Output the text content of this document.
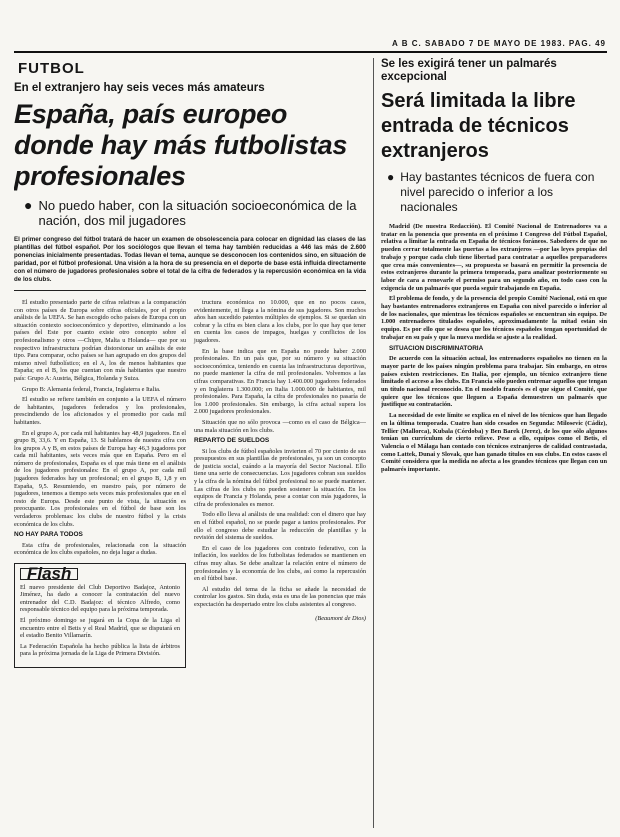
A B C. SABADO 7 DE MAYO DE 1983. PAG. 49
FUTBOL
En el extranjero hay seis veces más amateurs
España, país europeo donde hay más futbolistas profesionales
● No puedo haber, con la situación socioeconómica de la nación, dos mil jugadores
El primer congreso del fútbol tratará de hacer un examen de obsolescencia para colocar en dignidad las clases de las plantillas del fútbol español. Por los sociólogos que llevan el tema hay también reducidas a 446 las más de 2.600 ponencias inicialmente presentadas. Todas llevan el tema, aunque se desconocen los contenidos sino, en situación de paridad, por el fútbol profesional. Una visión a la hora de su presencia en el deporte de base está influida directamente con el número de jugadores profesionales sobre el total de la cifra de federados y la repercusión económica en la vida de los clubs.

El estudio presentado parte de cifras relativas a la comparación con otros países de Europa sobre cifras oficiales, por el propio análisis de la UEFA. Se han escogido ocho países de Europa con un situación contexto socioeconómico y deportivo, eliminando a los países del Este por cuanto existe otro concepto sobre el profesionalismo y otros —Chipre, Malta u Holanda— que por su respectivo infraestructura podrían distorsionar un análisis de este tipo. Para comparar, ocho países se han agrupado en dos grupos del mismo nivel futbolístico; en el A, los de menos habitantes que España; en el B, los que cuentan con más habitantes que nuestro país: Grupo A: Austria, Bélgica, Holanda y Suiza.

Grupo B: Alemania federal, Francia, Inglaterra e Italia.

El estudio se refiere también en conjunto a la UEFA el número de habitantes, jugadores federados y los profesionales, prescindiendo de los aficionados y el promedio por cada mil habitantes.

En el grupo A, por cada mil habitantes hay 48,9 jugadores. En el grupo B, 33,6. Y en España, 13. Si hablamos de nuestra cifra con los grupos A y B, en estos países de Europa hay 46,3 jugadores por cada mil habitantes, seis veces más que en España. Pero en el número de profesionales, España es el que más tiene en el análisis de los jugadores profesionales: En el grupo A, por cada mil jugadores federados hay un profesional; en el grupo B, 1,8 y en España, 9,5. Resumiendo, en nuestro país, por número de jugadores, tenemos a tiempo seis veces más profesionales que en el resto de Europa. Desde este punto de vista, la situación es preocupante. Los profesionales en el fútbol de base son los verdaderos problemas: los clubs de nuestro fútbol y la crisis económica de los clubs.

NO HAY PARA TODOS

Esta cifra de profesionales, relacionada con la situación económica de los clubs españoles, no deja lugar a dudas.

Flash

El nuevo presidente del Club Deportivo Badajoz, Antonio Jiménez, ha dado a conocer la contratación del nuevo entrenador del C.D. Badajoz: el técnico Alfredo, como responsable técnico del equipo para la próxima temporada.

El próximo domingo se jugará en la Copa de la Liga el encuentro entre el Betis y el Real Madrid, que se disputará en el estadio Benito Villamarín.

La Federación Española ha hecho pública la lista de árbitros para la próxima jornada de la Liga de Primera División.

tructura económica no 10.000, que en no pocos casos, evidentemente, ni llega a la nómina de sus jugadores. Son muchos años han sucedido patentes múltiples de ejemplos. Si se quedan sin cobrar y la cifra es bien clara a los clubs, por lo que hay que tener en cuenta los casos de impagos, huelgas y conflictos de los jugadores.

En la base indica que en España no puede haber 2.000 profesionales. En un país que, por su número y su situación socioeconómica, teniendo en cuenta las infraestructuras deportivas, no puede mantener la cifra de mil profesionales. Volvemos a las cifras comparativas. En Francia hay 1.400.000 jugadores federados y en Inglaterra 1.300.000; en Italia 1.000.000 de habitantes, mil profesionales. Para España, la cifra de profesionales no pasaría de los 1.000 profesionales. Sin embargo, la cifra actual supera los 2.000 jugadores profesionales.

Situación que no sólo provoca —como es el caso de Bélgica— una mala situación en los clubs.

REPARTO DE SUELDOS

Si los clubs de fútbol españoles invierten el 70 por ciento de sus presupuestos en sus plantillas de profesionales, ya son un concepto de justicia social, cuándo a la mayoría del Sector Nacional. Ello tiene una serie de consecuencias. Los jugadores cobran sus sueldos y la cifra de la nómina del fútbol profesional no se puede mantener. Las cifras de los clubs no pueden sostener la situación. En los equipos de Francia y Holanda, pese a contar con más jugadores, la cifra de profesionales es menor.

Todo ello lleva al análisis de una realidad: con el dinero que hay en el fútbol español, no se puede pagar a tantos profesionales. Por ello el congreso debe estudiar la reducción de plantillas y la revisión del sistema de sueldos.

En el caso de los jugadores con contrato federativo, con la inflación, los sueldos de los futbolistas federados se mantienen en cifras muy altas. Se debe analizar la relación entre el número de profesionales y la economía de los clubs, así como la repercusión en el fútbol base.

Al estudio del tema de la ficha se añade la necesidad de controlar los gastos. Sin duda, esta es una de las ponencias que más expectación ha despertado entre los clubs asistentes al congreso.

(Beaumont de Dios)

Se les exigirá tener un palmarés excepcional
Será limitada la libre entrada de técnicos extranjeros
● Hay bastantes técnicos de fuera con nivel parecido o inferior a los nacionales

Madrid (De nuestra Redacción). El Comité Nacional de Entrenadores va a tratar en la ponencia que presenta en el próximo I Congreso del Fútbol Español, relativa a limitar la entrada en España de técnicos foráneos. Sabedores de que no pueden cerrar totalmente las puertas a los extranjeros —por las leyes propias del trabajo y porque cada club tiene libertad para contratar a aquellos preparadores que crea más convenientes—, su propuesta se basará en permitir la presencia de estos extranjeros durante la primera temporada, para analizar posteriormente su labor de cara a renovarle el permiso para un segundo año, en todo caso con la exigencia de un palmarés que pueda seguir trabajando en España.

El problema de fondo, y de la presencia del propio Comité Nacional, está en que hay bastantes entrenadores extranjeros en España con nivel parecido o inferior al de los nacionales, que mientras los técnicos españoles se encuentran sin equipo. De 1.000 entrenadores titulados españoles, aproximadamente la mitad están sin equipo. Es por ello que se desea que los técnicos españoles tengan oportunidad de trabajar en su país y que la nueva medida se ajuste a la realidad.

SITUACION DISCRIMINATORIA

De acuerdo con la situación actual, los entrenadores españoles no tienen en la mayor parte de los países ningún problema para trabajar. Sin embargo, en otros países existen restricciones. En Italia, por ejemplo, un técnico extranjero tiene limitado el acceso a los clubs. En Francia sólo pueden entrenar aquellos que tengan un título nacional reconocido. En el modelo francés es el que sigue el Comité, que quiere que los técnicos que lleguen a España demuestren un palmarés que justifique su contratación.

La necesidad de este límite se explica en el nivel de los técnicos que han llegado en la última temporada. Cuatro han sido cesados en Segunda: Milosevic (Cádiz), Tellier (Mallorca), Kubala (Córdoba) y Ben Barek (Jerez), de los que sólo algunos tenían un currículum de cierto relieve. Pese a ello, equipos como el Betis, el Valencia o el Málaga han contado con técnicos extranjeros de calidad contrastada, como Lattek, Dunai y Slovak, que han ganado títulos en sus clubs. En estos casos el Comité considera que la medida no afecta a los grandes técnicos que llegan con un palmarés importante.
